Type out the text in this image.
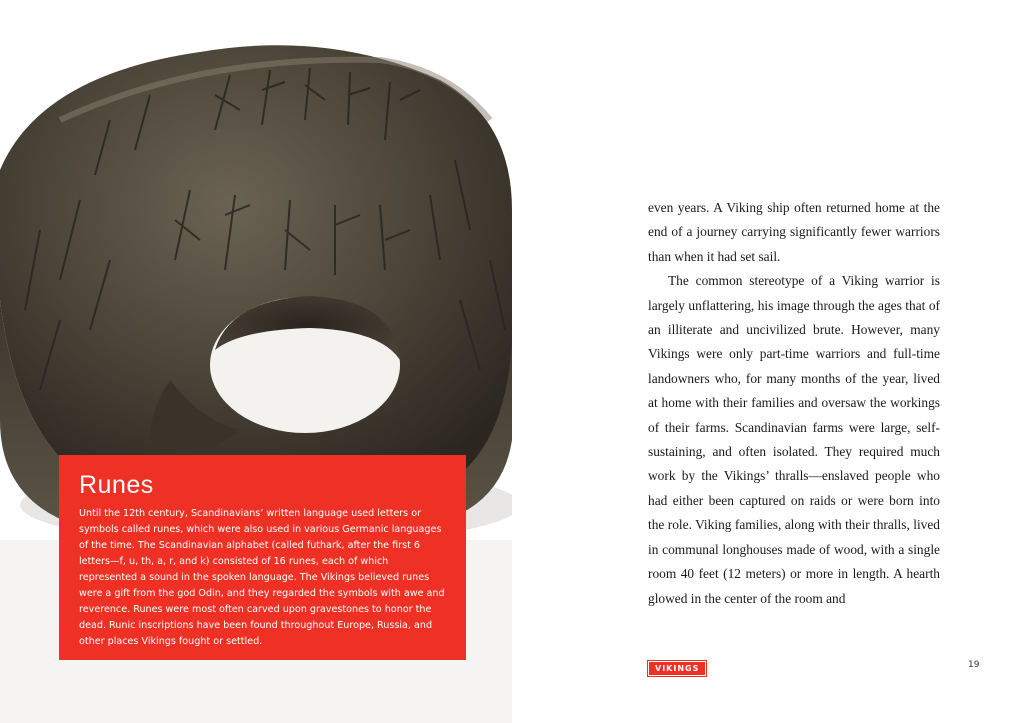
Runes

Until the 12th century, Scandinavians’ written language used letters or symbols called runes, which were also used in various Germanic languages of the time. The Scandinavian alphabet (called futhark, after the first 6 letters—f, u, th, a, r, and k) consisted of 16 runes, each of which represented a sound in the spoken language. The Vikings believed runes were a gift from the god Odin, and they regarded the symbols with awe and reverence. Runes were most often carved upon gravestones to honor the dead. Runic inscriptions have been found throughout Europe, Russia, and other places Vikings fought or settled.

even years. A Viking ship often returned home at the end of a journey carrying significantly fewer warriors than when it had set sail.

The common stereotype of a Viking warrior is largely unflattering, his image through the ages that of an illiterate and uncivilized brute. However, many Vikings were only part-time warriors and full-time landowners who, for many months of the year, lived at home with their families and oversaw the workings of their farms. Scandinavian farms were large, self-sustaining, and often isolated. They required much work by the Vikings’ thralls—enslaved people who had either been captured on raids or were born into the role. Viking families, along with their thralls, lived in communal longhouses made of wood, with a single room 40 feet (12 meters) or more in length. A hearth glowed in the center of the room and

VIKINGS	19
